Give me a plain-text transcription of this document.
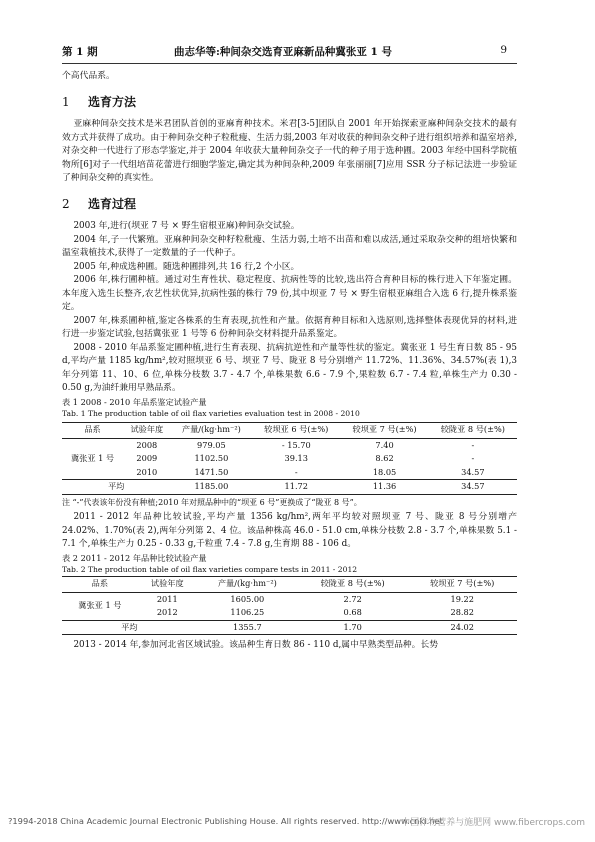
第 1 期	曲志华等:种间杂交选育亚麻新品种冀张亚 1 号	9

个高代品系。

1 选育方法

亚麻种间杂交技术是米君团队首创的亚麻育种技术。米君[3-5]团队自 2001 年开始探索亚麻种间杂交技术的最有效方式并获得了成功。由于种间杂交种子粒秕瘦、生活力弱,2003 年对收获的种间杂交种子进行组织培养和温室培养,对杂交种一代进行了形态学鉴定,并于 2004 年收获大量种间杂交子一代的种子用于选种圃。2003 年经中国科学院植物所[6]对子一代组培苗花蕾进行细胞学鉴定,确定其为种间杂种,2009 年张丽丽[7]应用 SSR 分子标记法进一步验证了种间杂交种的真实性。

2 选育过程

2003 年,进行(坝亚 7 号 × 野生宿根亚麻)种间杂交试验。

2004 年,子一代繁殖。亚麻种间杂交种籽粒秕瘦、生活力弱,土培不出苗和难以成活,通过采取杂交种的组培快繁和温室栽植技术,获得了一定数量的子一代种子。

2005 年,种成选种圃。随选种圃排列,共 16 行,2 个小区。

2006 年,株行圃种植。通过对生育性状、稳定程度、抗病性等的比较,选出符合育种目标的株行进入下年鉴定圃。本年度入选生长整齐,农艺性状优异,抗病性强的株行 79 份,其中坝亚 7 号 × 野生宿根亚麻组合入选 6 行,提升株系鉴定。

2007 年,株系圃种植,鉴定各株系的生育表现,抗性和产量。依据育种目标和入选原则,选择整体表现优异的材料,进行进一步鉴定试验,包括冀张亚 1 号等 6 份种间杂交材料提升品系鉴定。

2008 - 2010 年品系鉴定圃种植,进行生育表现、抗病抗逆性和产量等性状的鉴定。冀张亚 1 号生育日数 85 - 95 d,平均产量 1185 kg/hm²,较对照坝亚 6 号、坝亚 7 号、陇亚 8 号分别增产 11.72%、11.36%、34.57%(表 1),3 年分列第 11、10、6 位,单株分枝数 3.7 - 4.7 个,单株果数 6.6 - 7.9 个,果粒数 6.7 - 7.4 粒,单株生产力 0.30 - 0.50 g,为油纤兼用早熟品系。

表 1 2008 - 2010 年品系鉴定试验产量

Tab. 1 The production table of oil flax varieties evaluation test in 2008 - 2010

品系	试验年度	产量/(kg·hm⁻²)	较坝亚 6 号(±%)	较坝亚 7 号(±%)	较陇亚 8 号(±%)
冀张亚 1 号	2008	979.05	- 15.70	7.40	-
	2009	1102.50	39.13	8.62	-
	2010	1471.50	-	18.05	34.57
平均		1185.00	11.72	11.36	34.57

注 “-”代表该年份没有种植;2010 年对照品种中的“坝亚 6 号”更换成了“陇亚 8 号”。

2011 - 2012 年品种比较试验,平均产量 1356 kg/hm²,两年平均较对照坝亚 7 号、陇亚 8 号分别增产 24.02%、1.70%(表 2),两年分列第 2、4 位。该品种株高 46.0 - 51.0 cm,单株分枝数 2.8 - 3.7 个,单株果数 5.1 - 7.1 个,单株生产力 0.25 - 0.33 g,千粒重 7.4 - 7.8 g,生育期 88 - 106 d。

表 2 2011 - 2012 年品种比较试验产量

Tab. 2 The production table of oil flax varieties compare tests in 2011 - 2012

品系	试验年度	产量/(kg·hm⁻²)	较陇亚 8 号(±%)	较坝亚 7 号(±%)
冀张亚 1 号	2011	1605.00	2.72	19.22
	2012	1106.25	0.68	28.82
平均		1355.7	1.70	24.02

2013 - 2014 年,参加河北省区域试验。该品种生育日数 86 - 110 d,属中早熟类型品种。长势

?1994-2018 China Academic Journal Electronic Publishing House. All rights reserved. http://www.cnki.net
中国作物营养与施肥网 www.fibercrops.com
